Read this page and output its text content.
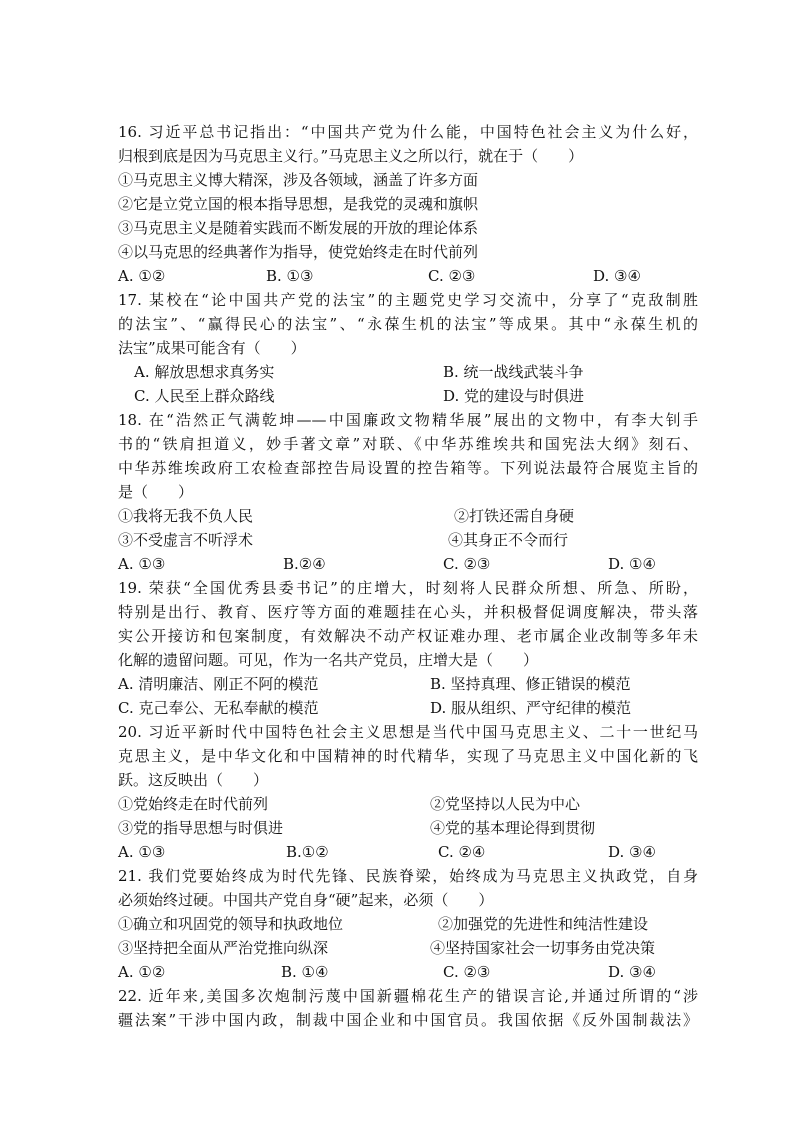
16. 习近平总书记指出：“中国共产党为什么能，中国特色社会主义为什么好，
归根到底是因为马克思主义行。”马克思主义之所以行，就在于（　　）
①马克思主义博大精深，涉及各领域，涵盖了许多方面
②它是立党立国的根本指导思想，是我党的灵魂和旗帜
③马克思主义是随着实践而不断发展的开放的理论体系
④以马克思的经典著作为指导，使党始终走在时代前列
A. ①②	B. ①③	C. ②③	D. ③④
17. 某校在“论中国共产党的法宝”的主题党史学习交流中，分享了“克敌制胜
的法宝”、“赢得民心的法宝”、“永葆生机的法宝”等成果。其中“永葆生机的
法宝”成果可能含有（　　）
A. 解放思想求真务实	B. 统一战线武装斗争
C. 人民至上群众路线	D. 党的建设与时俱进
18. 在“浩然正气满乾坤——中国廉政文物精华展”展出的文物中，有李大钊手
书的“铁肩担道义，妙手著文章”对联、《中华苏维埃共和国宪法大纲》刻石、
中华苏维埃政府工农检查部控告局设置的控告箱等。下列说法最符合展览主旨的
是（　　）
①我将无我不负人民	②打铁还需自身硬
③不受虚言不听浮术	④其身正不令而行
A. ①③	B.②④	C. ②③	D. ①④
19. 荣获“全国优秀县委书记”的庄增大，时刻将人民群众所想、所急、所盼，
特别是出行、教育、医疗等方面的难题挂在心头，并积极督促调度解决，带头落
实公开接访和包案制度，有效解决不动产权证难办理、老市属企业改制等多年未
化解的遗留问题。可见，作为一名共产党员，庄增大是（　　）
A. 清明廉洁、刚正不阿的模范	B. 坚持真理、修正错误的模范
C. 克己奉公、无私奉献的模范	D. 服从组织、严守纪律的模范
20. 习近平新时代中国特色社会主义思想是当代中国马克思主义、二十一世纪马
克思主义，是中华文化和中国精神的时代精华，实现了马克思主义中国化新的飞
跃。这反映出（　　）
①党始终走在时代前列	②党坚持以人民为中心
③党的指导思想与时俱进	④党的基本理论得到贯彻
A. ①③	B.①②	C. ②④	D. ③④
21. 我们党要始终成为时代先锋、民族脊梁，始终成为马克思主义执政党，自身
必须始终过硬。中国共产党自身“硬”起来，必须（　　）
①确立和巩固党的领导和执政地位	②加强党的先进性和纯洁性建设
③坚持把全面从严治党推向纵深	④坚持国家社会一切事务由党决策
A. ①②	B. ①④	C. ②③	D. ③④
22. 近年来,美国多次炮制污蔑中国新疆棉花生产的错误言论,并通过所谓的“涉
疆法案”干涉中国内政，制裁中国企业和中国官员。我国依据《反外国制裁法》
